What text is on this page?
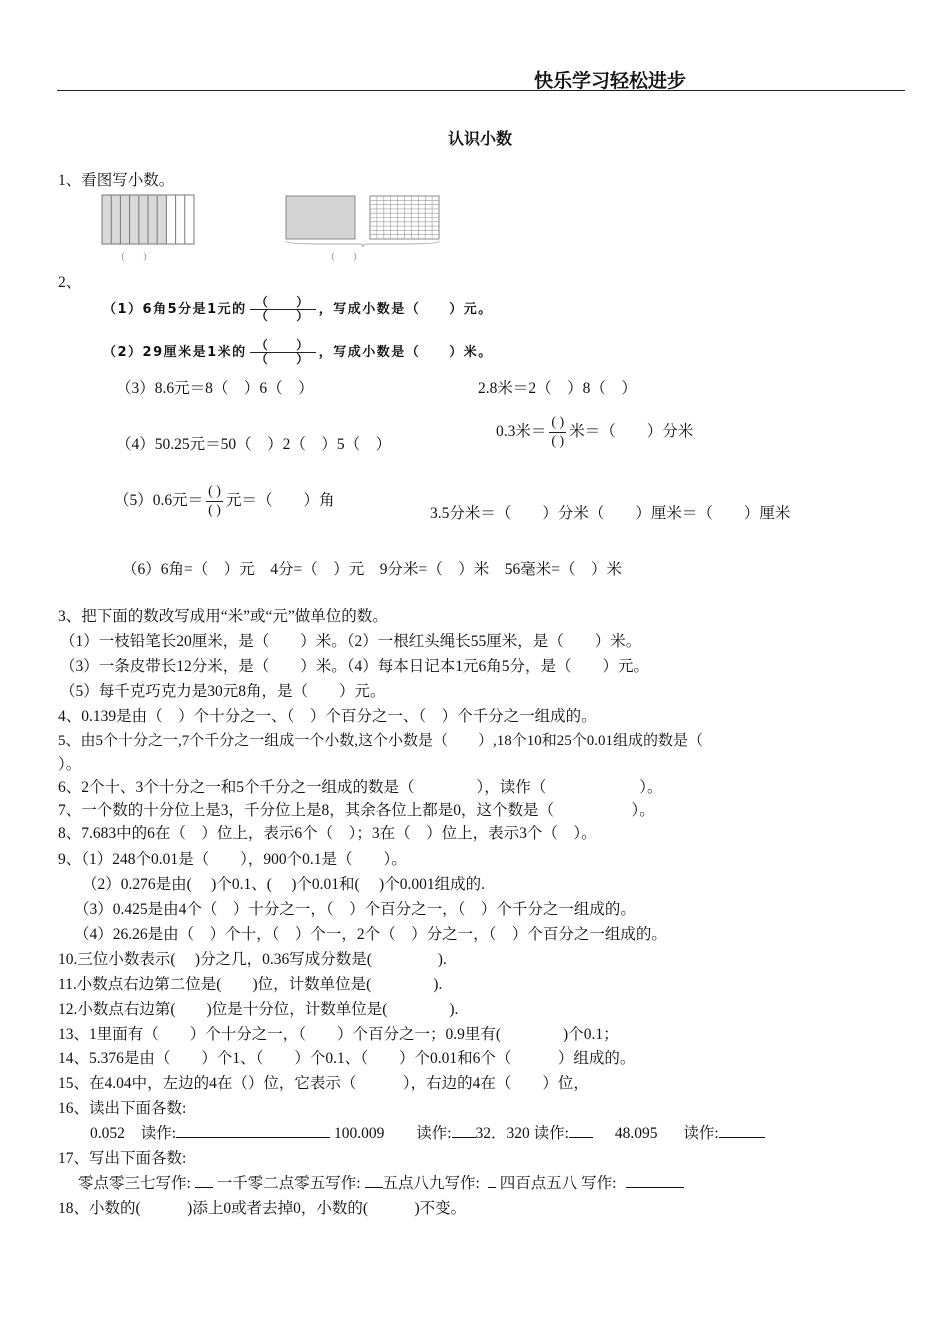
快乐学习轻松进步
认识小数
1、看图写小数。
（　　）	（　　）
2、
（1）6角5分是1元的 $\frac{( )}{( )}$ ，写成小数是（　　）元。
（2）29厘米是1米的 $\frac{( )}{( )}$ ，写成小数是（　　）米。
（3）8.6元＝8（　）6（　）	2.8米＝2（　）8（　）
（4）50.25元＝50（　）2（　）5（　）
0.3米＝ $\frac{( )}{( )}$ 米＝（　　）分米
（5）0.6元＝ $\frac{( )}{( )}$ 元＝（　　）角
3.5分米＝（　　）分米（　　）厘米＝（　　）厘米
（6）6角=（　）元　4分=（　）元　9分米=（　）米　56毫米=（　）米
3、把下面的数改写成用“米”或“元”做单位的数。
（1）一枝铅笔长20厘米，是（　　）米。（2）一根红头绳长55厘米，是（　　）米。
（3）一条皮带长12分米，是（　　）米。（4）每本日记本1元6角5分，是（　　）元。
（5）每千克巧克力是30元8角，是（　　）元。
4、0.139是由（　）个十分之一、（　）个百分之一、（　）个千分之一组成的。
5、由5个十分之一,7个千分之一组成一个小数,这个小数是（　　）,18个10和25个0.01组成的数是（
）。
6、2个十、3个十分之一和5个千分之一组成的数是（　　　　），读作（　　　　　　）。
7、一个数的十分位上是3，千分位上是8，其余各位上都是0，这个数是（　　　　　）。
8、7.683中的6在（　）位上，表示6个（　）；3在（　）位上，表示3个（　）。
9、（1）248个0.01是（　　），900个0.1是（　　）。
（2）0.276是由(　 )个0.1、(　 )个0.01和(　 )个0.001组成的.
（3）0.425是由4个（　）十分之一，（　）个百分之一，（　）个千分之一组成的。
（4）26.26是由（　）个十，（　）个一，2个（　）分之一，（　）个百分之一组成的。
10.三位小数表示(　 )分之几，0.36写成分数是(　　　　 ).
11.小数点右边第二位是(　　)位，计数单位是(　　　　).
12.小数点右边第(　　)位是十分位，计数单位是(　　　　).
13、1里面有（　　）个十分之一，（　　）个百分之一；0.9里有(　　　　)个0.1；
14、5.376是由（　　）个1、（　　）个0.1、（　　）个0.01和6个（　　　）组成的。
15、在4.04中，左边的4在（）位，它表示（　　　），右边的4在（　　）位，
16、读出下面各数:
0.052 读作:	100.009 读作: 32．320 读作:	48.095 读作:
17、写出下面各数:
零点零三七写作: 一千零二点零五写作: 五点八九写作: 四百点五八 写作:
18、小数的(　　　)添上0或者去掉0，小数的(　　　)不变。
